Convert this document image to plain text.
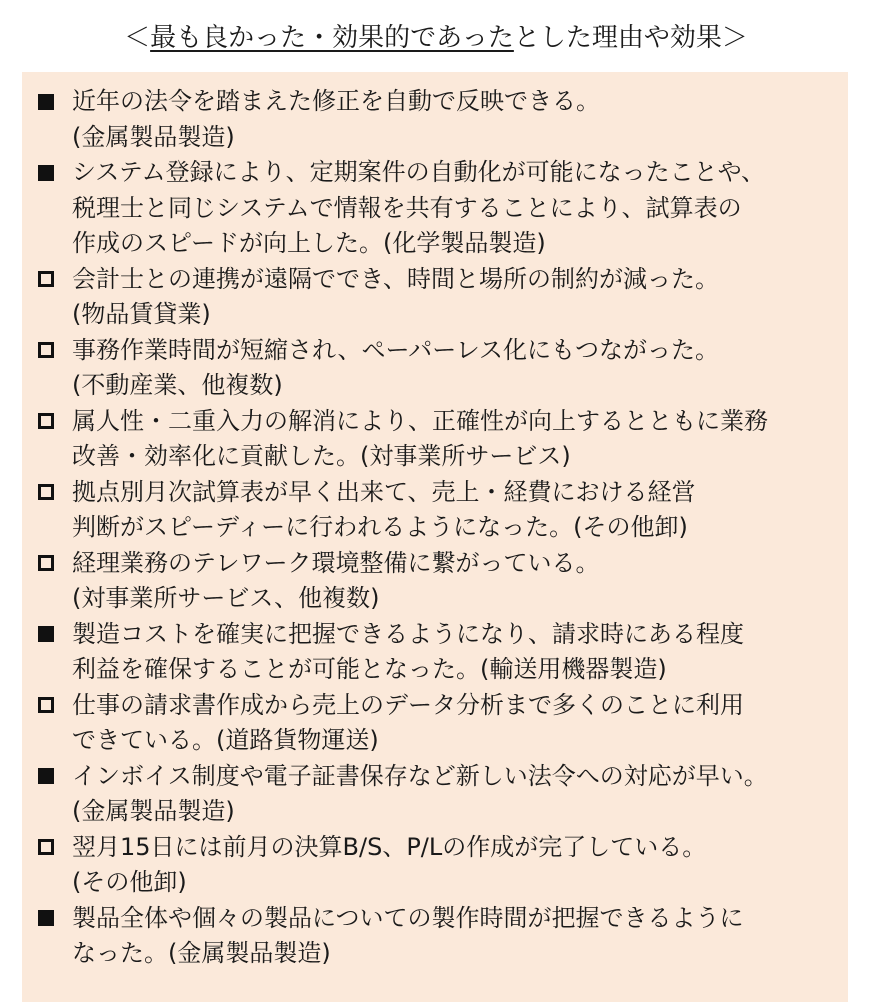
＜最も良かった・効果的であったとした理由や効果＞
近年の法令を踏まえた修正を自動で反映できる。
(金属製品製造)
システム登録により、定期案件の自動化が可能になったことや、
税理士と同じシステムで情報を共有することにより、試算表の
作成のスピードが向上した。(化学製品製造)
会計士との連携が遠隔ででき、時間と場所の制約が減った。
(物品賃貸業)
事務作業時間が短縮され、ペーパーレス化にもつながった。
(不動産業、他複数)
属人性・二重入力の解消により、正確性が向上するとともに業務
改善・効率化に貢献した。(対事業所サービス)
拠点別月次試算表が早く出来て、売上・経費における経営
判断がスピーディーに行われるようになった。(その他卸)
経理業務のテレワーク環境整備に繋がっている。
(対事業所サービス、他複数)
製造コストを確実に把握できるようになり、請求時にある程度
利益を確保することが可能となった。(輸送用機器製造)
仕事の請求書作成から売上のデータ分析まで多くのことに利用
できている。(道路貨物運送)
インボイス制度や電子証書保存など新しい法令への対応が早い。
(金属製品製造)
翌月15日には前月の決算B/S、P/Lの作成が完了している。
(その他卸)
製品全体や個々の製品についての製作時間が把握できるように
なった。(金属製品製造)
